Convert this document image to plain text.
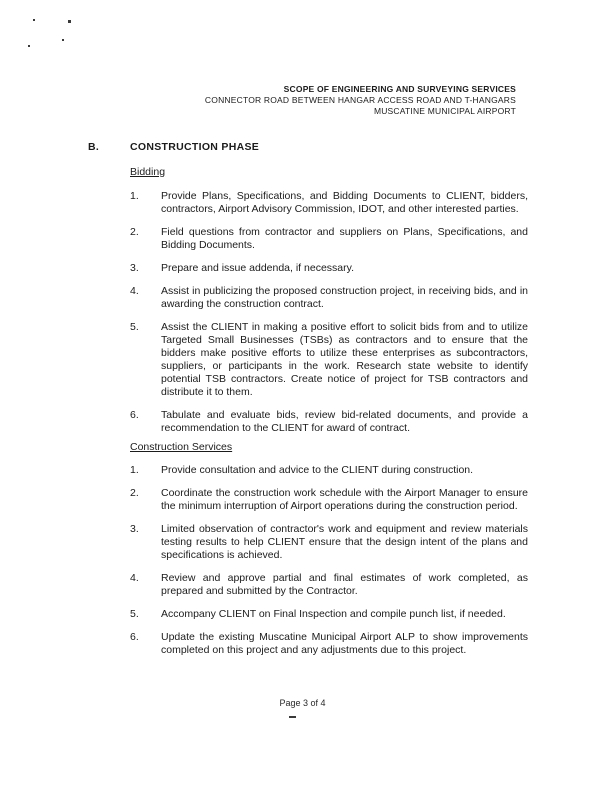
SCOPE OF ENGINEERING AND SURVEYING SERVICES
CONNECTOR ROAD BETWEEN HANGAR ACCESS ROAD AND T-HANGARS
MUSCATINE MUNICIPAL AIRPORT
B.	CONSTRUCTION PHASE
Bidding
1.	Provide Plans, Specifications, and Bidding Documents to CLIENT, bidders, contractors, Airport Advisory Commission, IDOT, and other interested parties.
2.	Field questions from contractor and suppliers on Plans, Specifications, and Bidding Documents.
3.	Prepare and issue addenda, if necessary.
4.	Assist in publicizing the proposed construction project, in receiving bids, and in awarding the construction contract.
5.	Assist the CLIENT in making a positive effort to solicit bids from and to utilize Targeted Small Businesses (TSBs) as contractors and to ensure that the bidders make positive efforts to utilize these enterprises as subcontractors, suppliers, or participants in the work. Research state website to identify potential TSB contractors. Create notice of project for TSB contractors and distribute it to them.
6.	Tabulate and evaluate bids, review bid-related documents, and provide a recommendation to the CLIENT for award of contract.
Construction Services
1.	Provide consultation and advice to the CLIENT during construction.
2.	Coordinate the construction work schedule with the Airport Manager to ensure the minimum interruption of Airport operations during the construction period.
3.	Limited observation of contractor's work and equipment and review materials testing results to help CLIENT ensure that the design intent of the plans and specifications is achieved.
4.	Review and approve partial and final estimates of work completed, as prepared and submitted by the Contractor.
5.	Accompany CLIENT on Final Inspection and compile punch list, if needed.
6.	Update the existing Muscatine Municipal Airport ALP to show improvements completed on this project and any adjustments due to this project.
Page 3 of 4
